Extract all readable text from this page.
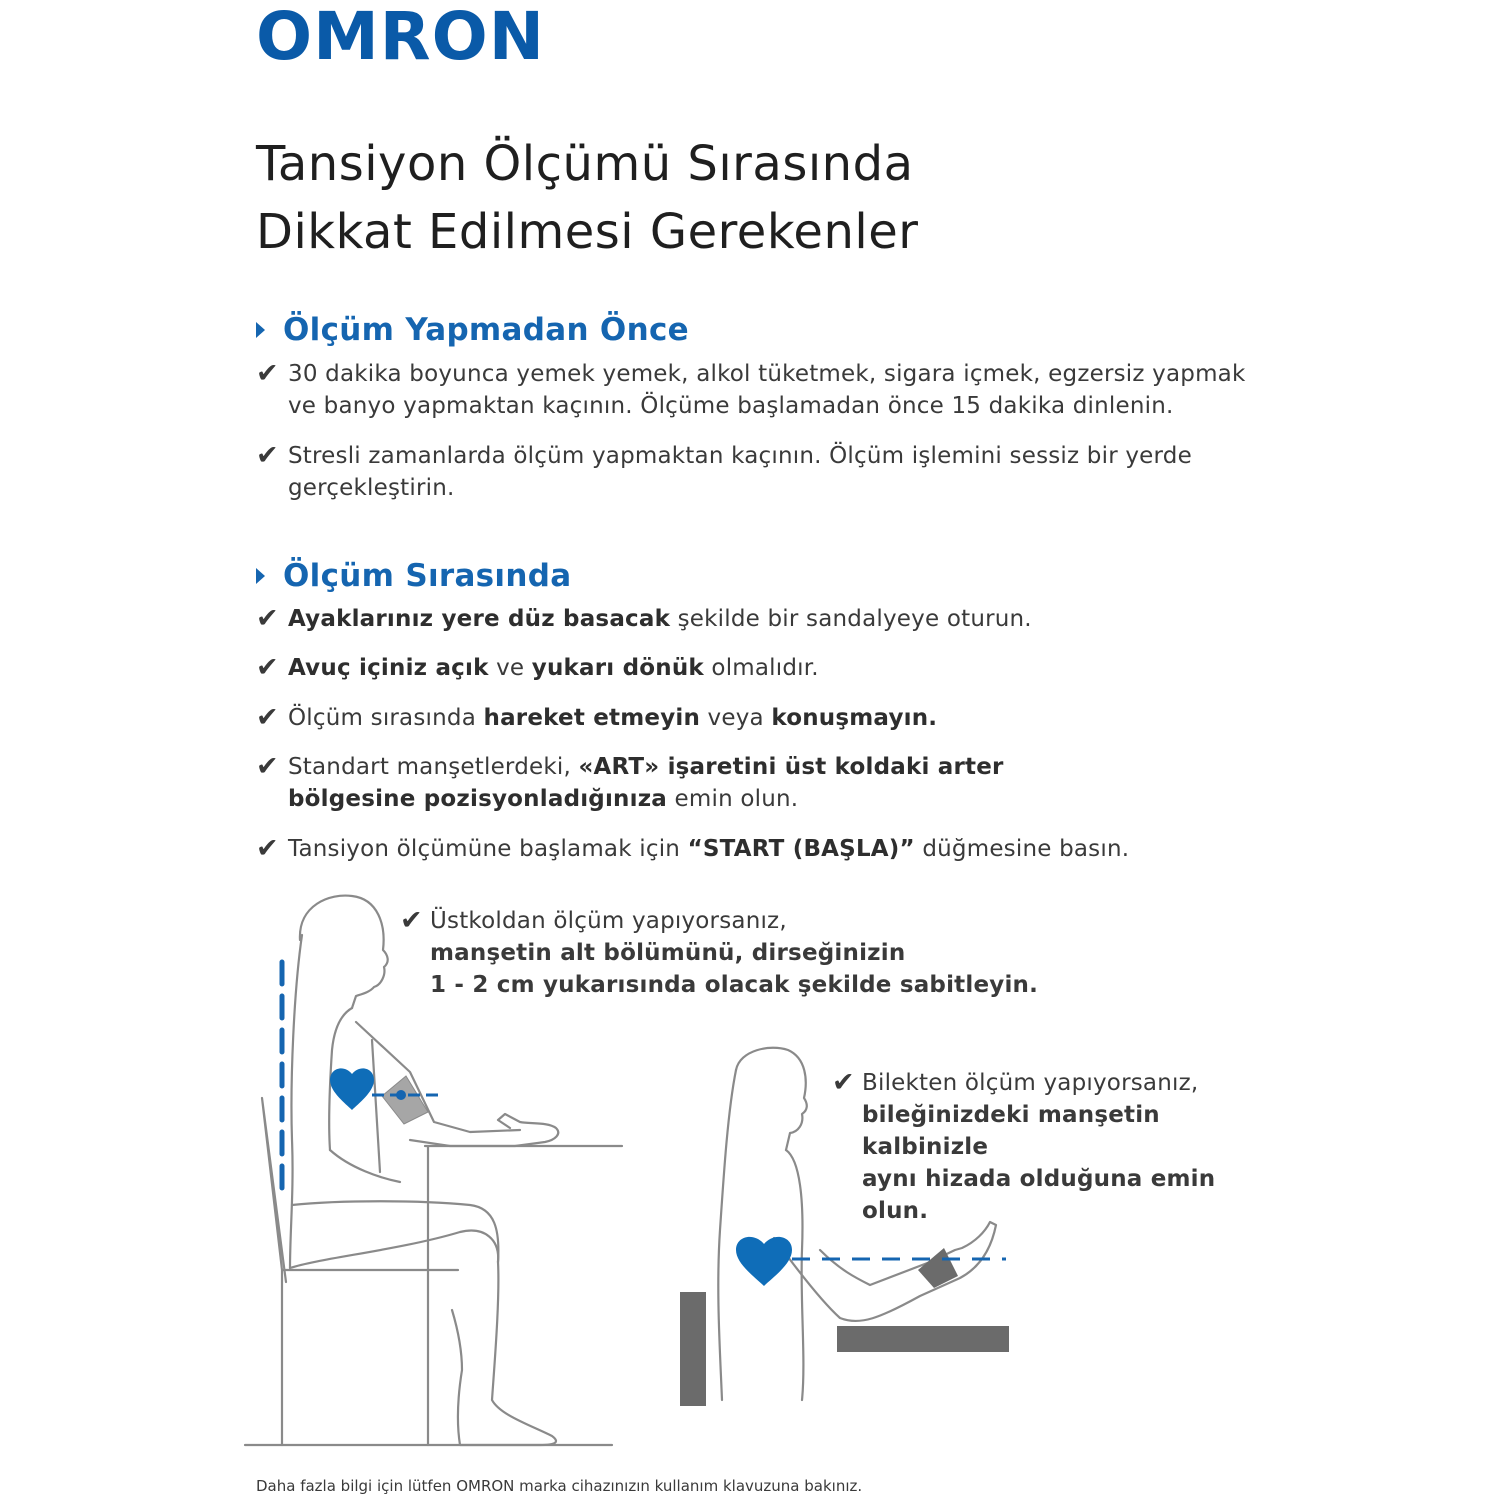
OMRON
Tansiyon Ölçümü Sırasında
Dikkat Edilmesi Gerekenler
Ölçüm Yapmadan Önce
✔ 30 dakika boyunca yemek yemek, alkol tüketmek, sigara içmek, egzersiz yapmak ve banyo yapmaktan kaçının. Ölçüme başlamadan önce 15 dakika dinlenin.
✔ Stresli zamanlarda ölçüm yapmaktan kaçının. Ölçüm işlemini sessiz bir yerde gerçekleştirin.
Ölçüm Sırasında
✔ Ayaklarınız yere düz basacak şekilde bir sandalyeye oturun.
✔ Avuç içiniz açık ve yukarı dönük olmalıdır.
✔ Ölçüm sırasında hareket etmeyin veya konuşmayın.
✔ Standart manşetlerdeki, «ART» işaretini üst koldaki arter bölgesine pozisyonladığınıza emin olun.
✔ Tansiyon ölçümüne başlamak için “START (BAŞLA)” düğmesine basın.
✔ Üstkoldan ölçüm yapıyorsanız,
manşetin alt bölümünü, dirseğinizin
1 - 2 cm yukarısında olacak şekilde sabitleyin.
✔ Bilekten ölçüm yapıyorsanız,
bileğinizdeki manşetin kalbinizle
aynı hizada olduğuna emin olun.
Daha fazla bilgi için lütfen OMRON marka cihazınızın kullanım klavuzuna bakınız.
